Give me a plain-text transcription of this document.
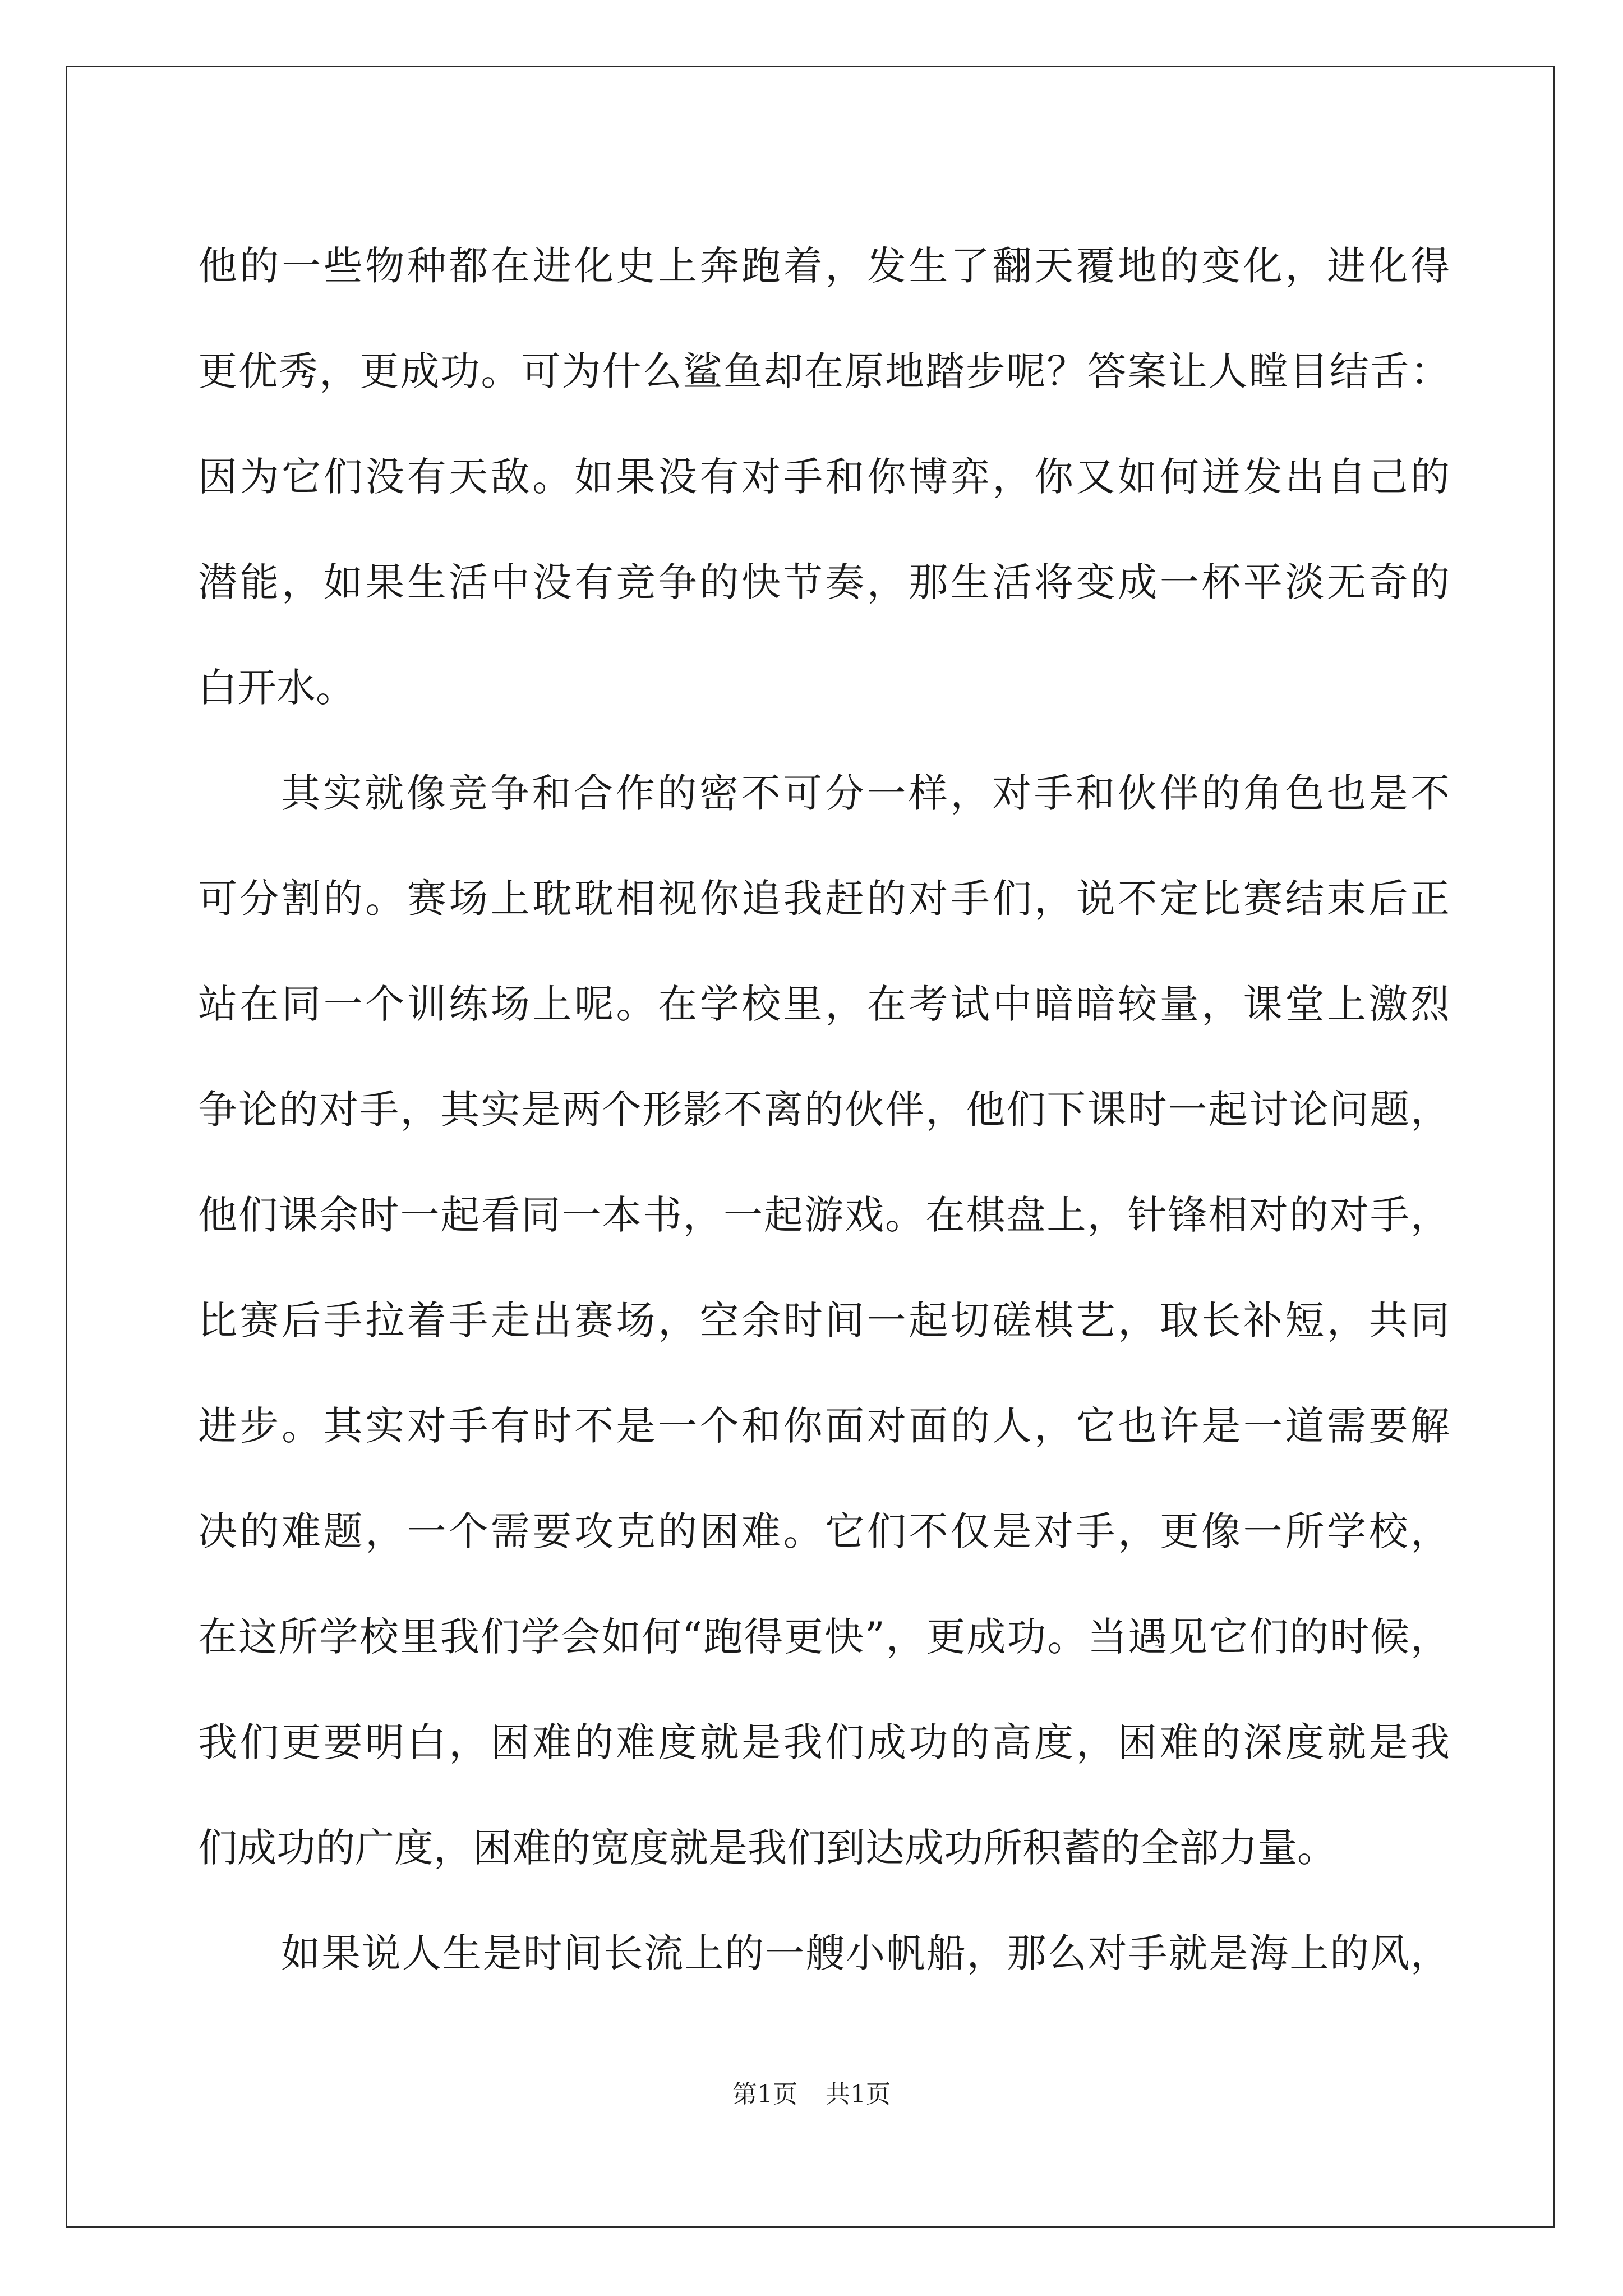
他的一些物种都在进化史上奔跑着，发生了翻天覆地的变化，进化得
更优秀，更成功。可为什么鲨鱼却在原地踏步呢？答案让人瞠目结舌：
因为它们没有天敌。如果没有对手和你博弈，你又如何迸发出自己的
潜能，如果生活中没有竞争的快节奏，那生活将变成一杯平淡无奇的
白开水。
其实就像竞争和合作的密不可分一样，对手和伙伴的角色也是不
可分割的。赛场上耽耽相视你追我赶的对手们，说不定比赛结束后正
站在同一个训练场上呢。在学校里，在考试中暗暗较量，课堂上激烈
争论的对手，其实是两个形影不离的伙伴，他们下课时一起讨论问题，
他们课余时一起看同一本书，一起游戏。在棋盘上，针锋相对的对手，
比赛后手拉着手走出赛场，空余时间一起切磋棋艺，取长补短，共同
进步。其实对手有时不是一个和你面对面的人，它也许是一道需要解
决的难题，一个需要攻克的困难。它们不仅是对手，更像一所学校，
在这所学校里我们学会如何“跑得更快”，更成功。当遇见它们的时候，
我们更要明白，困难的难度就是我们成功的高度，困难的深度就是我
们成功的广度，困难的宽度就是我们到达成功所积蓄的全部力量。
如果说人生是时间长流上的一艘小帆船，那么对手就是海上的风，
第1页 共1页
